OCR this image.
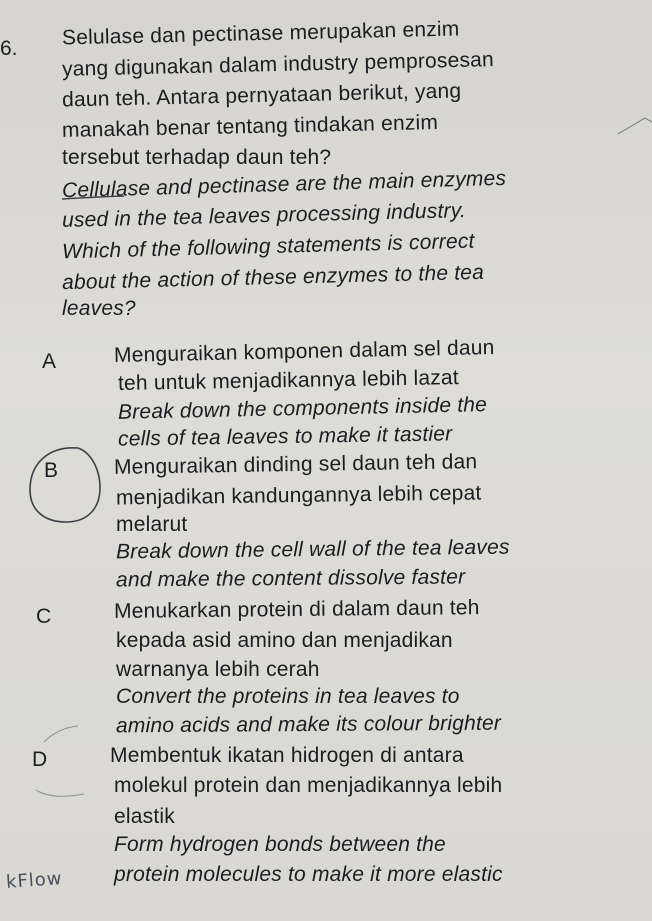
6. Selulase dan pectinase merupakan enzim
yang digunakan dalam industry pemprosesan
daun teh. Antara pernyataan berikut, yang
manakah benar tentang tindakan enzim
tersebut terhadap daun teh?
Cellulase and pectinase are the main enzymes
used in the tea leaves processing industry.
Which of the following statements is correct
about the action of these enzymes to the tea
leaves?
A	Menguraikan komponen dalam sel daun
teh untuk menjadikannya lebih lazat
Break down the components inside the
cells of tea leaves to make it tastier
B	Menguraikan dinding sel daun teh dan
menjadikan kandungannya lebih cepat
melarut
Break down the cell wall of the tea leaves
and make the content dissolve faster
C	Menukarkan protein di dalam daun teh
kepada asid amino dan menjadikan
warnanya lebih cerah
Convert the proteins in tea leaves to
amino acids and make its colour brighter
D	Membentuk ikatan hidrogen di antara
molekul protein dan menjadikannya lebih
elastik
Form hydrogen bonds between the
protein molecules to make it more elastic
kFlow
